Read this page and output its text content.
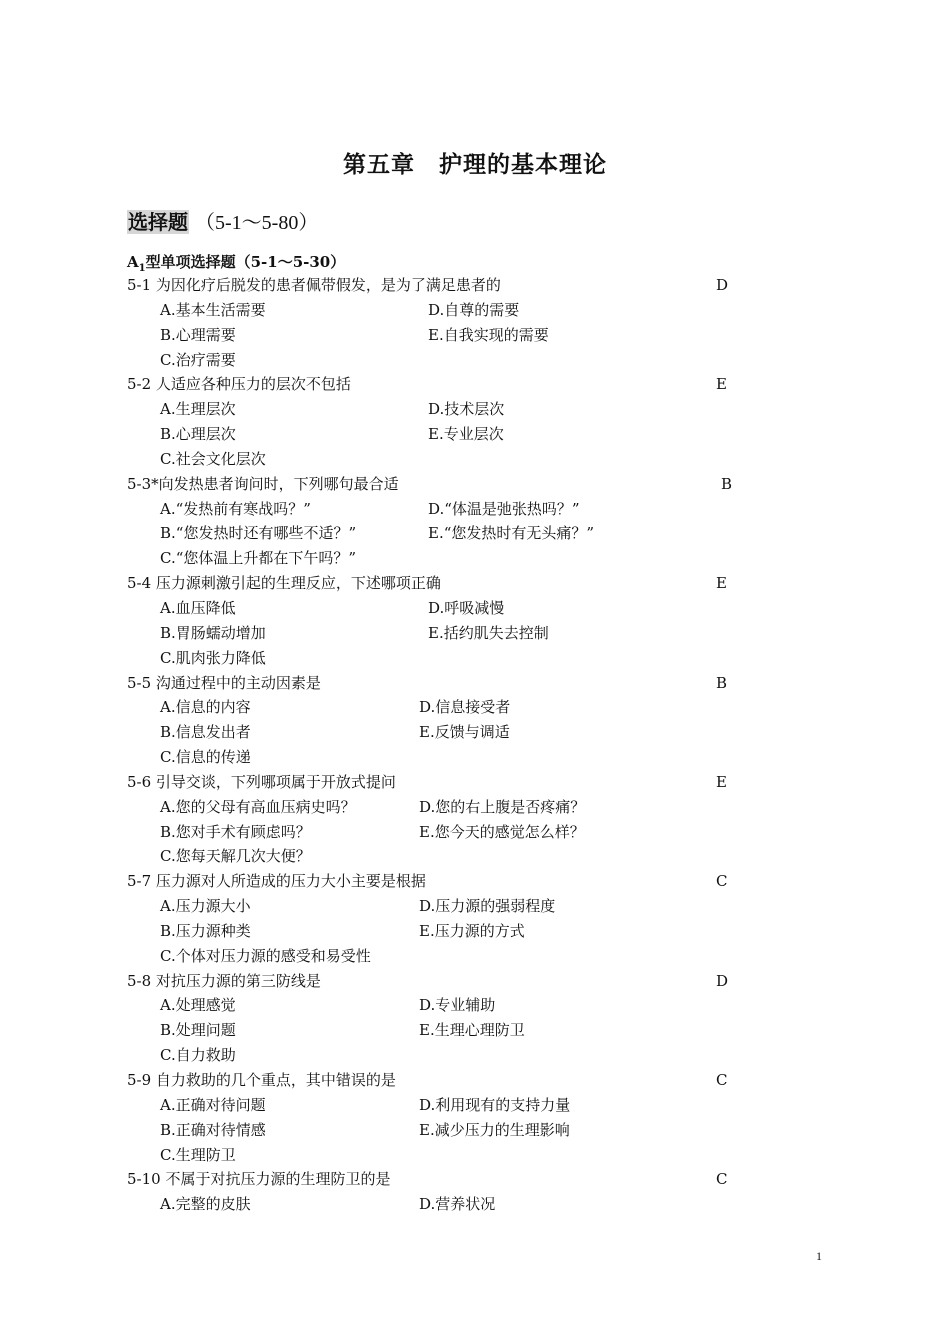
第五章　护理的基本理论
选择题 （5-1～5-80）
$A_1$型单项选择题（5-1～5-30）
5-1 为因化疗后脱发的患者佩带假发，是为了满足患者的	D
A.基本生活需要	D.自尊的需要
B.心理需要	E.自我实现的需要
C.治疗需要
5-2 人适应各种压力的层次不包括	E
A.生理层次	D.技术层次
B.心理层次	E.专业层次
C.社会文化层次
5-3*向发热患者询问时，下列哪句最合适	B
A.“发热前有寒战吗？”	D.“体温是弛张热吗？”
B.“您发热时还有哪些不适？”	E.“您发热时有无头痛？”
C.“您体温上升都在下午吗？”
5-4 压力源刺激引起的生理反应，下述哪项正确	E
A.血压降低	D.呼吸减慢
B.胃肠蠕动增加	E.括约肌失去控制
C.肌肉张力降低
5-5 沟通过程中的主动因素是	B
A.信息的内容	D.信息接受者
B.信息发出者	E.反馈与调适
C.信息的传递
5-6 引导交谈，下列哪项属于开放式提问	E
A.您的父母有高血压病史吗？	D.您的右上腹是否疼痛？
B.您对手术有顾虑吗？	E.您今天的感觉怎么样？
C.您每天解几次大便？
5-7 压力源对人所造成的压力大小主要是根据	C
A.压力源大小	D.压力源的强弱程度
B.压力源种类	E.压力源的方式
C.个体对压力源的感受和易受性
5-8 对抗压力源的第三防线是	D
A.处理感觉	D.专业辅助
B.处理问题	E.生理心理防卫
C.自力救助
5-9 自力救助的几个重点，其中错误的是	C
A.正确对待问题	D.利用现有的支持力量
B.正确对待情感	E.减少压力的生理影响
C.生理防卫
5-10 不属于对抗压力源的生理防卫的是	C
A.完整的皮肤	D.营养状况
1
